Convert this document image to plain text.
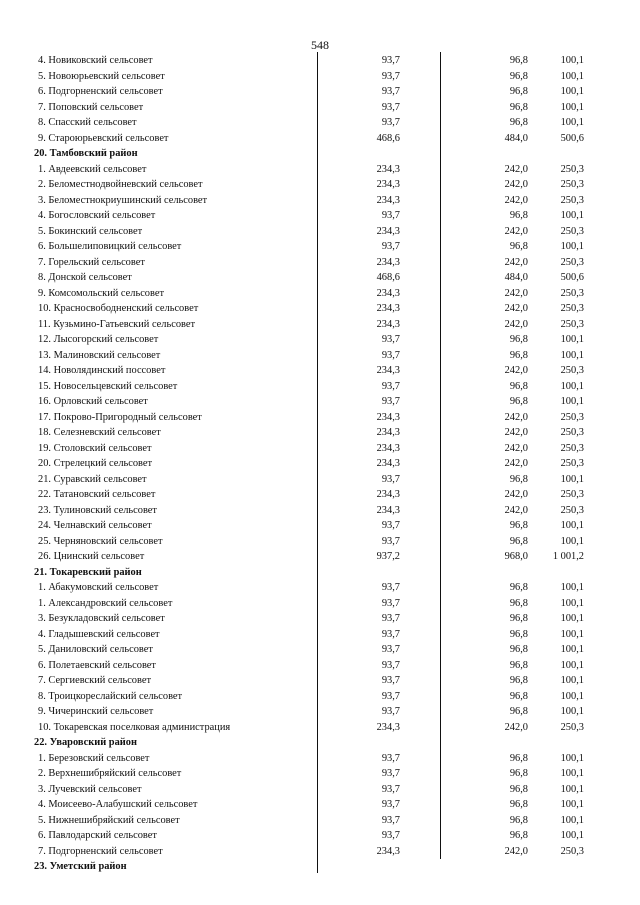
548
4. Новиковский сельсовет	93,7	96,8	100,1
5. Новоюрьевский сельсовет	93,7	96,8	100,1
6. Подгорненский сельсовет	93,7	96,8	100,1
7. Поповский сельсовет	93,7	96,8	100,1
8. Спасский сельсовет	93,7	96,8	100,1
9. Староюрьевский сельсовет	468,6	484,0	500,6
20. Тамбовский район
1. Авдеевский сельсовет	234,3	242,0	250,3
2. Беломестнодвойневский сельсовет	234,3	242,0	250,3
3. Беломестнокриушинский сельсовет	234,3	242,0	250,3
4. Богословский сельсовет	93,7	96,8	100,1
5. Бокинский сельсовет	234,3	242,0	250,3
6. Большелиповицкий сельсовет	93,7	96,8	100,1
7. Горельский сельсовет	234,3	242,0	250,3
8. Донской сельсовет	468,6	484,0	500,6
9. Комсомольский сельсовет	234,3	242,0	250,3
10. Красносвободненский сельсовет	234,3	242,0	250,3
11. Кузьмино-Гатьевский сельсовет	234,3	242,0	250,3
12. Лысогорский сельсовет	93,7	96,8	100,1
13. Малиновский сельсовет	93,7	96,8	100,1
14. Новолядинский поссовет	234,3	242,0	250,3
15. Новосельцевский сельсовет	93,7	96,8	100,1
16. Орловский сельсовет	93,7	96,8	100,1
17. Покрово-Пригородный сельсовет	234,3	242,0	250,3
18. Селезневский сельсовет	234,3	242,0	250,3
19. Столовский сельсовет	234,3	242,0	250,3
20. Стрелецкий сельсовет	234,3	242,0	250,3
21. Суравский сельсовет	93,7	96,8	100,1
22. Татановский сельсовет	234,3	242,0	250,3
23. Тулиновский сельсовет	234,3	242,0	250,3
24. Челнавский сельсовет	93,7	96,8	100,1
25. Черняновский сельсовет	93,7	96,8	100,1
26. Цнинский сельсовет	937,2	968,0	1 001,2
21. Токаревский район
1. Абакумовский сельсовет	93,7	96,8	100,1
1. Александровский сельсовет	93,7	96,8	100,1
3. Безукладовский сельсовет	93,7	96,8	100,1
4. Гладышевский сельсовет	93,7	96,8	100,1
5. Даниловский сельсовет	93,7	96,8	100,1
6. Полетаевский сельсовет	93,7	96,8	100,1
7. Сергиевский сельсовет	93,7	96,8	100,1
8. Троицкореслайский сельсовет	93,7	96,8	100,1
9. Чичеринский сельсовет	93,7	96,8	100,1
10. Токаревская поселковая администрация	234,3	242,0	250,3
22. Уваровский район
1. Березовский сельсовет	93,7	96,8	100,1
2. Верхнешибряйский сельсовет	93,7	96,8	100,1
3. Лучевский сельсовет	93,7	96,8	100,1
4. Моисеево-Алабушский сельсовет	93,7	96,8	100,1
5. Нижнешибряйский сельсовет	93,7	96,8	100,1
6. Павлодарский сельсовет	93,7	96,8	100,1
7. Подгорненский сельсовет	234,3	242,0	250,3
23. Уметский район
